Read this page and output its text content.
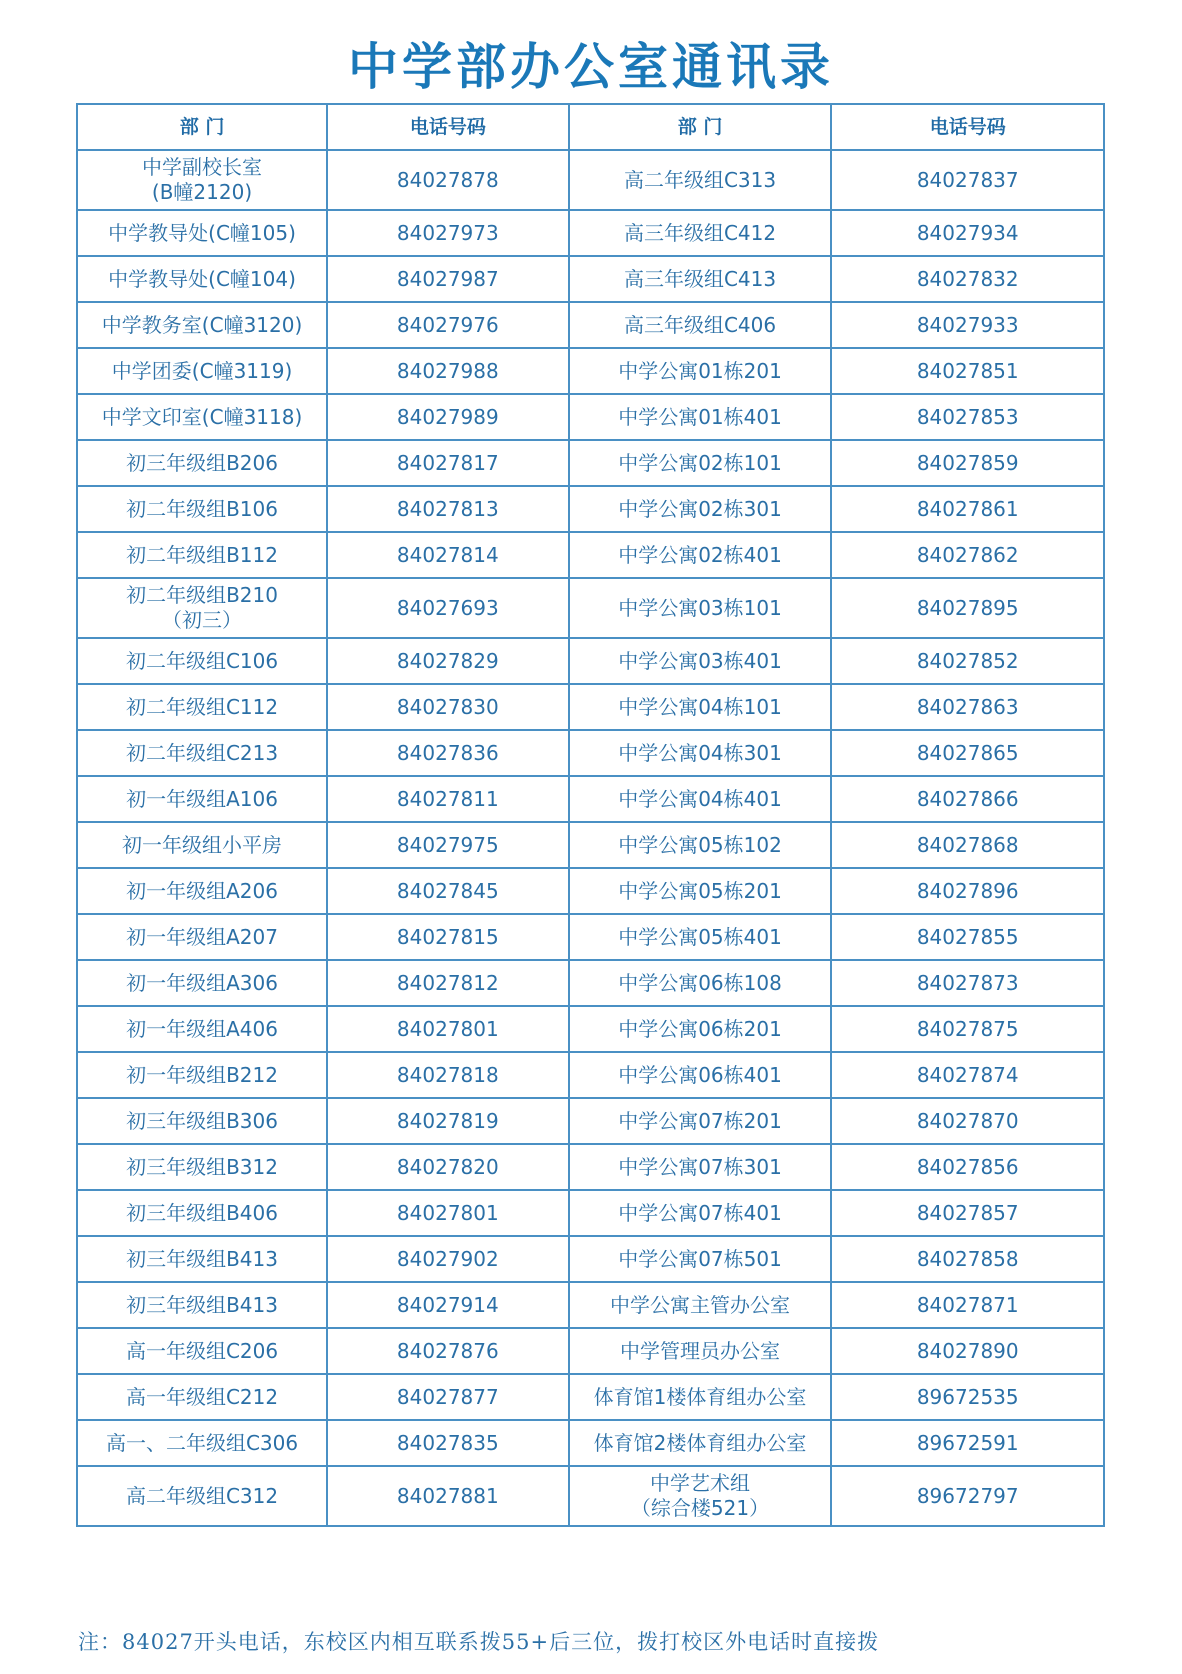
中学部办公室通讯录
部 门	电话号码	部 门	电话号码

中学副校长室
(B幢2120)	84027878	高二年级组C313	84027837

中学教导处(C幢105)	84027973	高三年级组C412	84027934

中学教导处(C幢104)	84027987	高三年级组C413	84027832

中学教务室(C幢3120)	84027976	高三年级组C406	84027933

中学团委(C幢3119)	84027988	中学公寓01栋201	84027851

中学文印室(C幢3118)	84027989	中学公寓01栋401	84027853

初三年级组B206	84027817	中学公寓02栋101	84027859

初二年级组B106	84027813	中学公寓02栋301	84027861

初二年级组B112	84027814	中学公寓02栋401	84027862

初二年级组B210
（初三）	84027693	中学公寓03栋101	84027895

初二年级组C106	84027829	中学公寓03栋401	84027852

初二年级组C112	84027830	中学公寓04栋101	84027863

初二年级组C213	84027836	中学公寓04栋301	84027865

初一年级组A106	84027811	中学公寓04栋401	84027866

初一年级组小平房	84027975	中学公寓05栋102	84027868

初一年级组A206	84027845	中学公寓05栋201	84027896

初一年级组A207	84027815	中学公寓05栋401	84027855

初一年级组A306	84027812	中学公寓06栋108	84027873

初一年级组A406	84027801	中学公寓06栋201	84027875

初一年级组B212	84027818	中学公寓06栋401	84027874

初三年级组B306	84027819	中学公寓07栋201	84027870

初三年级组B312	84027820	中学公寓07栋301	84027856

初三年级组B406	84027801	中学公寓07栋401	84027857

初三年级组B413	84027902	中学公寓07栋501	84027858

初三年级组B413	84027914	中学公寓主管办公室	84027871

高一年级组C206	84027876	中学管理员办公室	84027890

高一年级组C212	84027877	体育馆1楼体育组办公室	89672535

高一、二年级组C306	84027835	体育馆2楼体育组办公室	89672591

高二年级组C312	84027881	中学艺术组
（综合楼521）	89672797
注：84027开头电话，东校区内相互联系拨55+后三位，拨打校区外电话时直接拨
